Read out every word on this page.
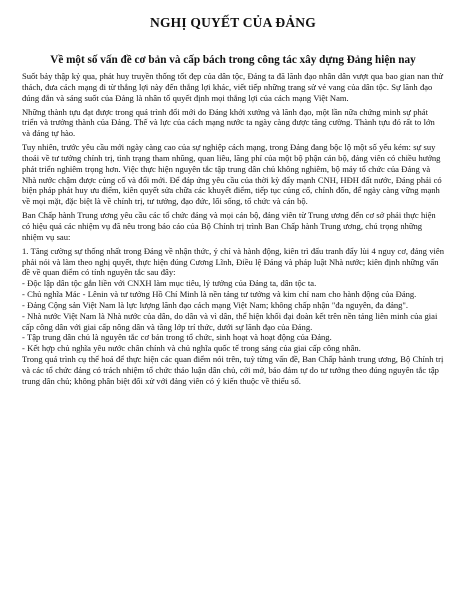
NGHỊ QUYẾT CỦA ĐẢNG
Về một số vấn đề cơ bản và cấp bách trong công tác xây dựng Đảng hiện nay

Suốt bảy thập kỷ qua, phát huy truyền thống tốt đẹp của dân tộc, Đảng ta đã lãnh đạo nhân dân vượt qua bao gian nan thử thách, đưa cách mạng đi từ thắng lợi này đến thắng lợi khác, viết tiếp những trang sử vẻ vang của dân tộc. Sự lãnh đạo đúng đắn và sáng suốt của Đảng là nhân tố quyết định mọi thắng lợi của cách mạng Việt Nam.

Những thành tựu đạt được trong quá trình đổi mới do Đảng khởi xướng và lãnh đạo, một lần nữa chứng minh sự phát triển và trưởng thành của Đảng. Thế và lực của cách mạng nước ta ngày càng được tăng cường. Thành tựu đó rất to lớn và đáng tự hào.

Tuy nhiên, trước yêu cầu mới ngày càng cao của sự nghiệp cách mạng, trong Đảng đang bộc lộ một số yếu kém: sự suy thoái về tư tưởng chính trị, tình trạng tham nhũng, quan liêu, lãng phí của một bộ phận cán bộ, đảng viên có chiều hướng phát triển nghiêm trọng hơn. Việc thực hiện nguyên tắc tập trung dân chủ không nghiêm, bộ máy tổ chức của Đảng và Nhà nước chậm được củng cố và đổi mới. Để đáp ứng yêu cầu của thời kỳ đẩy mạnh CNH, HĐH đất nước, Đảng phải có biện pháp phát huy ưu điểm, kiên quyết sửa chữa các khuyết điểm, tiếp tục củng cố, chỉnh đốn, để ngày càng vững mạnh về mọi mặt, đặc biệt là về chính trị, tư tưởng, đạo đức, lối sống, tổ chức và cán bộ.

Ban Chấp hành Trung ương yêu cầu các tổ chức đảng và mọi cán bộ, đảng viên từ Trung ương đến cơ sở phải thực hiện có hiệu quả các nhiệm vụ đã nêu trong báo cáo của Bộ Chính trị trình Ban Chấp hành Trung ương, chú trọng những nhiệm vụ sau:

1. Tăng cường sự thống nhất trong Đảng về nhận thức, ý chí và hành động, kiên trì đấu tranh đẩy lùi 4 nguy cơ, đảng viên phải nói và làm theo nghị quyết, thực hiện đúng Cương Lĩnh, Điều lệ Đảng và pháp luật Nhà nước; kiên định những vấn đề về quan điểm có tính nguyên tắc sau đây:

- Độc lập dân tộc gắn liền với CNXH làm mục tiêu, lý tưởng của Đảng ta, dân tộc ta.

- Chủ nghĩa Mác - Lênin và tư tưởng Hồ Chí Minh là nền tảng tư tưởng và kim chỉ nam cho hành động của Đảng.

- Đảng Cộng sản Việt Nam là lực lượng lãnh đạo cách mạng Việt Nam; không chấp nhận "đa nguyên, đa đảng".

- Nhà nước Việt Nam là Nhà nước của dân, do dân và vì dân, thể hiện khối đại đoàn kết trên nền tảng liên minh của giai cấp công dân với giai cấp nông dân và tầng lớp trí thức, dưới sự lãnh đạo của Đảng.

- Tập trung dân chủ là nguyên tắc cơ bản trong tổ chức, sinh hoạt và hoạt động của Đảng.

- Kết hợp chủ nghĩa yêu nước chân chính và chủ nghĩa quốc tế trong sáng của giai cấp công nhân.

Trong quá trình cụ thể hoá để thực hiện các quan điểm nói trên, tuỳ từng vấn đề, Ban Chấp hành trung ương, Bộ Chính trị và các tổ chức đảng có trách nhiệm tổ chức thảo luận dân chủ, cởi mở, bảo đảm tự do tư tưởng theo đúng nguyên tắc tập trung dân chủ; không phân biệt đối xử với đảng viên có ý kiến thuộc về thiểu số.
